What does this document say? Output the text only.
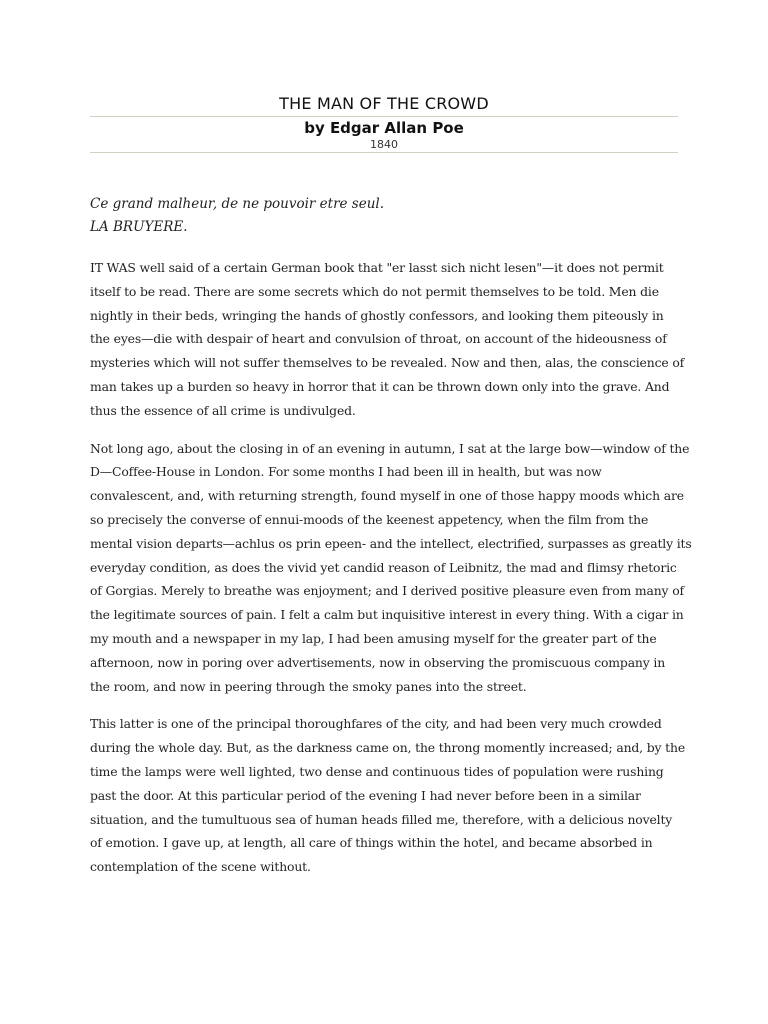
THE MAN OF THE CROWD
by Edgar Allan Poe
1840
Ce grand malheur, de ne pouvoir etre seul.
LA BRUYERE.

IT WAS well said of a certain German book that "er lasst sich nicht lesen"—it does not permit
itself to be read. There are some secrets which do not permit themselves to be told. Men die
nightly in their beds, wringing the hands of ghostly confessors, and looking them piteously in
the eyes—die with despair of heart and convulsion of throat, on account of the hideousness of
mysteries which will not suffer themselves to be revealed. Now and then, alas, the conscience of
man takes up a burden so heavy in horror that it can be thrown down only into the grave. And
thus the essence of all crime is undivulged.

Not long ago, about the closing in of an evening in autumn, I sat at the large bow—window of the
D—Coffee-House in London. For some months I had been ill in health, but was now
convalescent, and, with returning strength, found myself in one of those happy moods which are
so precisely the converse of ennui-moods of the keenest appetency, when the film from the
mental vision departs—achlus os prin epeen- and the intellect, electrified, surpasses as greatly its
everyday condition, as does the vivid yet candid reason of Leibnitz, the mad and flimsy rhetoric
of Gorgias. Merely to breathe was enjoyment; and I derived positive pleasure even from many of
the legitimate sources of pain. I felt a calm but inquisitive interest in every thing. With a cigar in
my mouth and a newspaper in my lap, I had been amusing myself for the greater part of the
afternoon, now in poring over advertisements, now in observing the promiscuous company in
the room, and now in peering through the smoky panes into the street.

This latter is one of the principal thoroughfares of the city, and had been very much crowded
during the whole day. But, as the darkness came on, the throng momently increased; and, by the
time the lamps were well lighted, two dense and continuous tides of population were rushing
past the door. At this particular period of the evening I had never before been in a similar
situation, and the tumultuous sea of human heads filled me, therefore, with a delicious novelty
of emotion. I gave up, at length, all care of things within the hotel, and became absorbed in
contemplation of the scene without.
